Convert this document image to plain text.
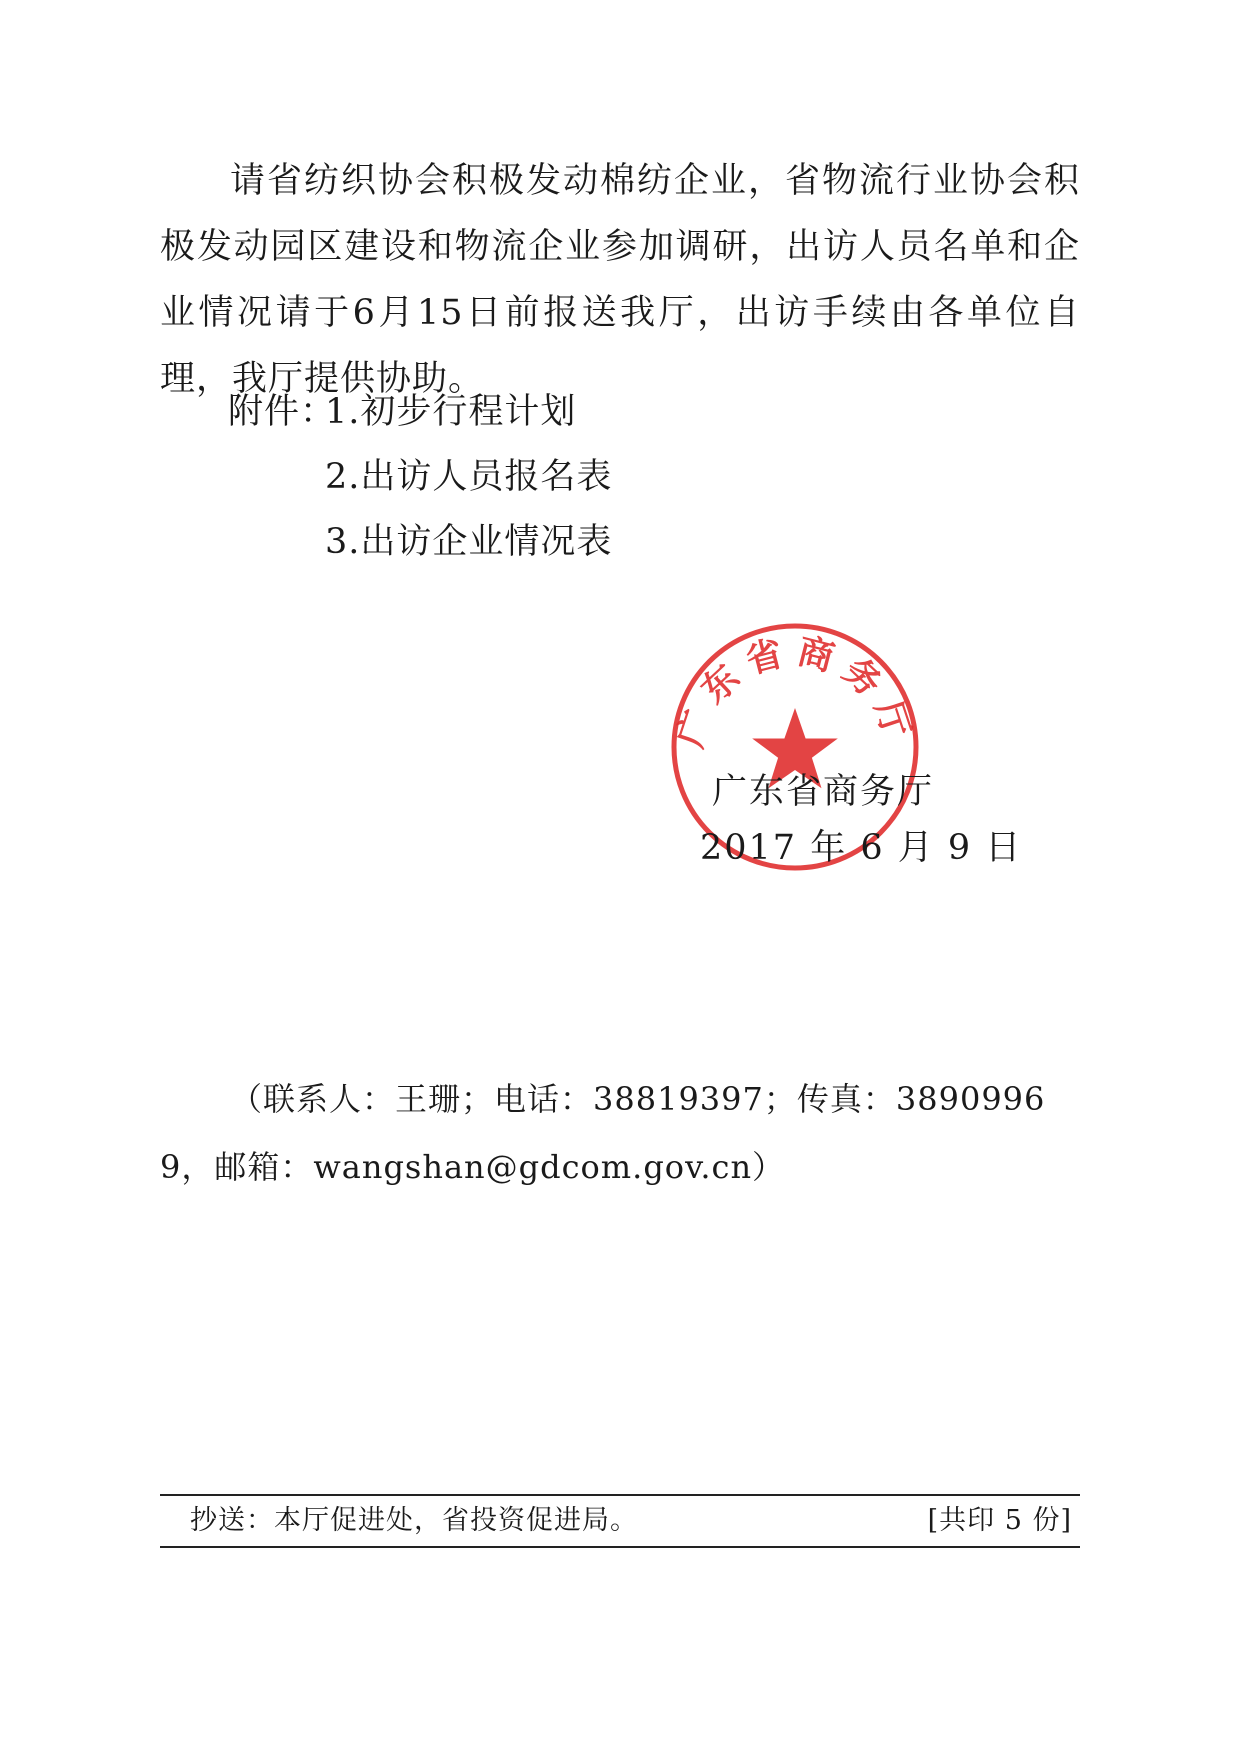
请省纺织协会积极发动棉纺企业，省物流行业协会积极发动园区建设和物流企业参加调研，出访人员名单和企业情况请于6月15日前报送我厅，出访手续由各单位自理，我厅提供协助。

附件：
1.初步行程计划
2.出访人员报名表
3.出访企业情况表
广东省商务厅
广东省商务厅
2017 年 6 月 9 日

（联系人：王珊；电话：38819397；传真：38909969，邮箱：wangshan@gdcom.gov.cn）

抄送：本厅促进处，省投资促进局。	[共印 5 份]
